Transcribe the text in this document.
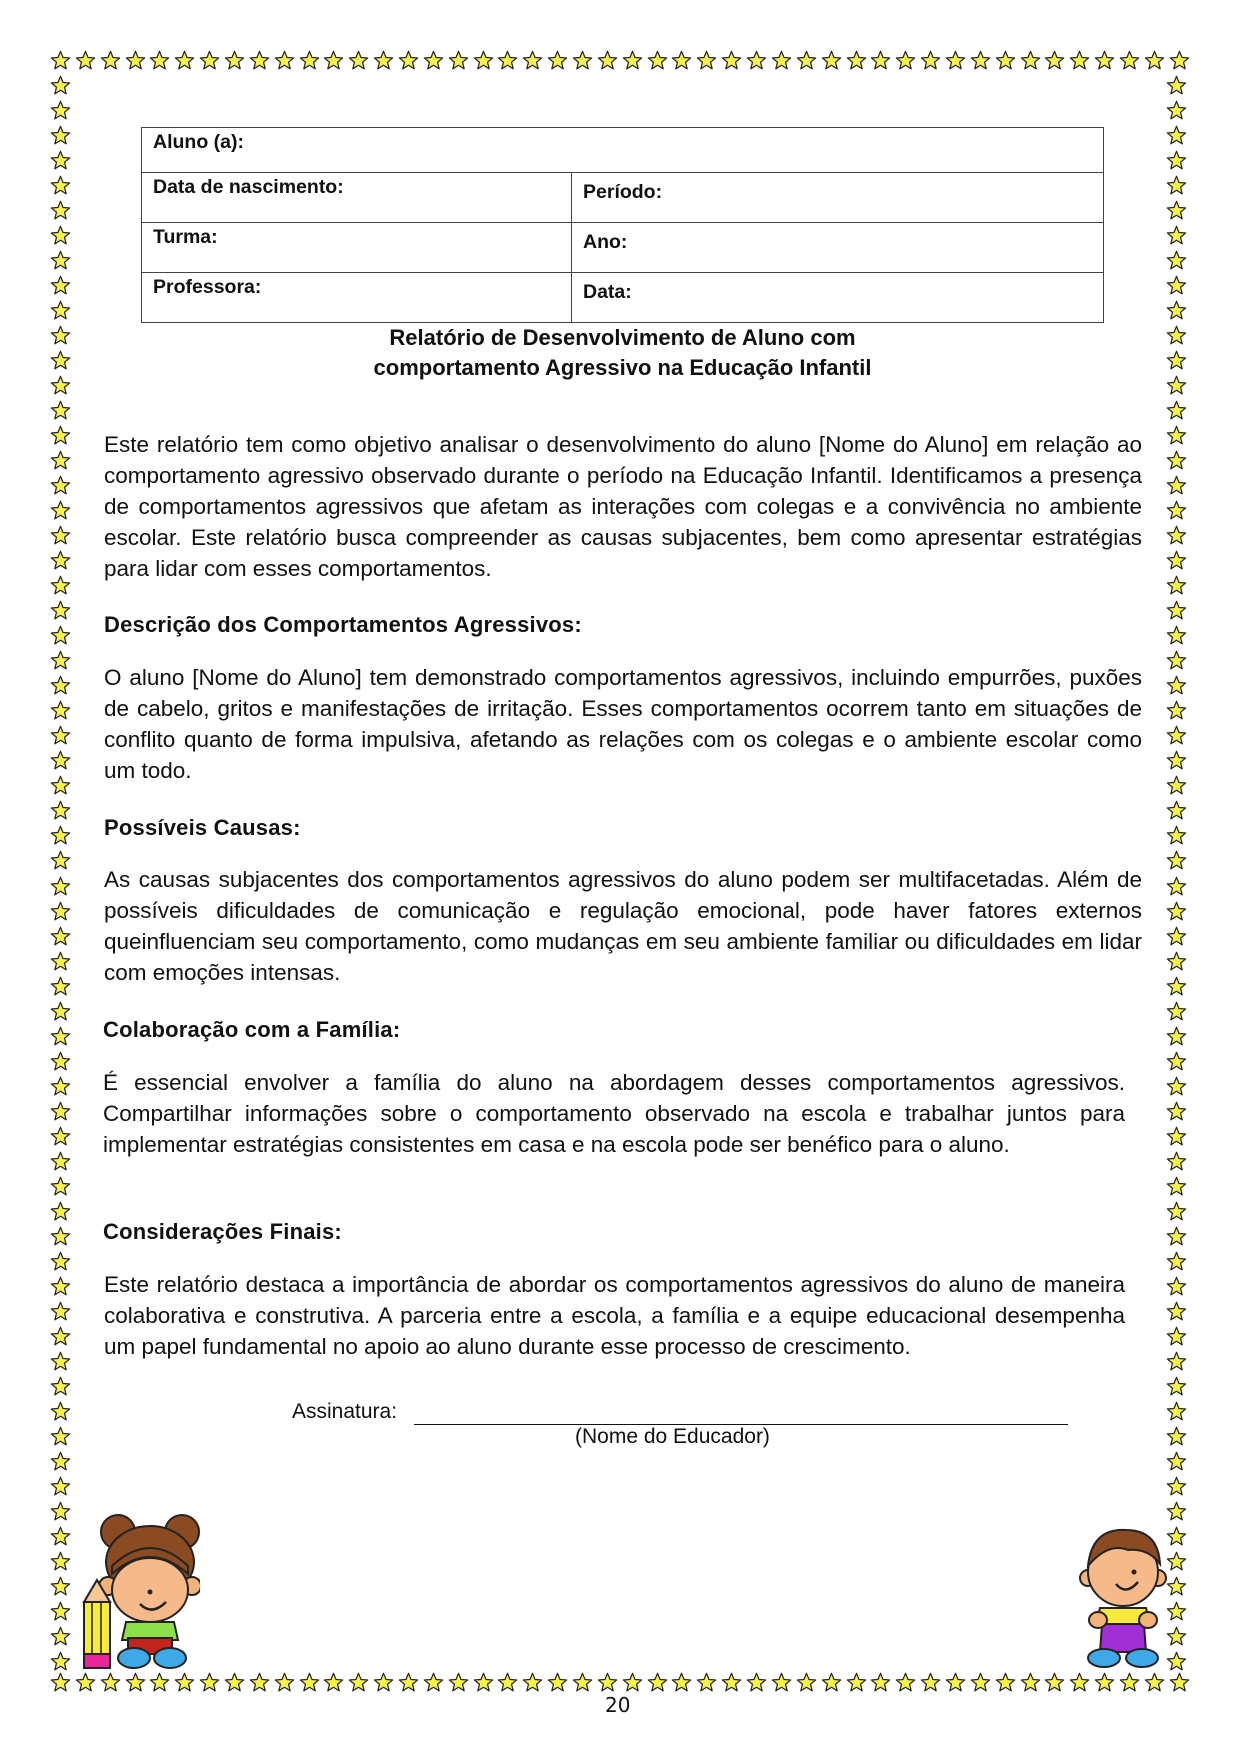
Aluno (a):	
Data de nascimento:	Período:
Turma:	Ano:
Professora:	Data:
Relatório de Desenvolvimento de Aluno com
comportamento Agressivo na Educação Infantil
Este relatório tem como objetivo analisar o desenvolvimento do aluno [Nome do Aluno] em relação ao comportamento agressivo observado durante o período na Educação Infantil. Identificamos a presença de comportamentos agressivos que afetam as interações com colegas e a convivência no ambiente escolar. Este relatório busca compreender as causas subjacentes, bem como apresentar estratégias para lidar com esses comportamentos.
Descrição dos Comportamentos Agressivos:
O aluno [Nome do Aluno] tem demonstrado comportamentos agressivos, incluindo empurrões, puxões de cabelo, gritos e manifestações de irritação. Esses comportamentos ocorrem tanto em situações de conflito quanto de forma impulsiva, afetando as relações com os colegas e o ambiente escolar como um todo.
Possíveis Causas:
As causas subjacentes dos comportamentos agressivos do aluno podem ser multifacetadas. Além de possíveis dificuldades de comunicação e regulação emocional, pode haver fatores externos queinfluenciam seu comportamento, como mudanças em seu ambiente familiar ou dificuldades em lidar com emoções intensas.
Colaboração com a Família:
É essencial envolver a família do aluno na abordagem desses comportamentos agressivos. Compartilhar informações sobre o comportamento observado na escola e trabalhar juntos para implementar estratégias consistentes em casa e na escola pode ser benéfico para o aluno.
Considerações Finais:
Este relatório destaca a importância de abordar os comportamentos agressivos do aluno de maneira colaborativa e construtiva. A parceria entre a escola, a família e a equipe educacional desempenha um papel fundamental no apoio ao aluno durante esse processo de crescimento.
Assinatura:
(Nome do Educador)
20
